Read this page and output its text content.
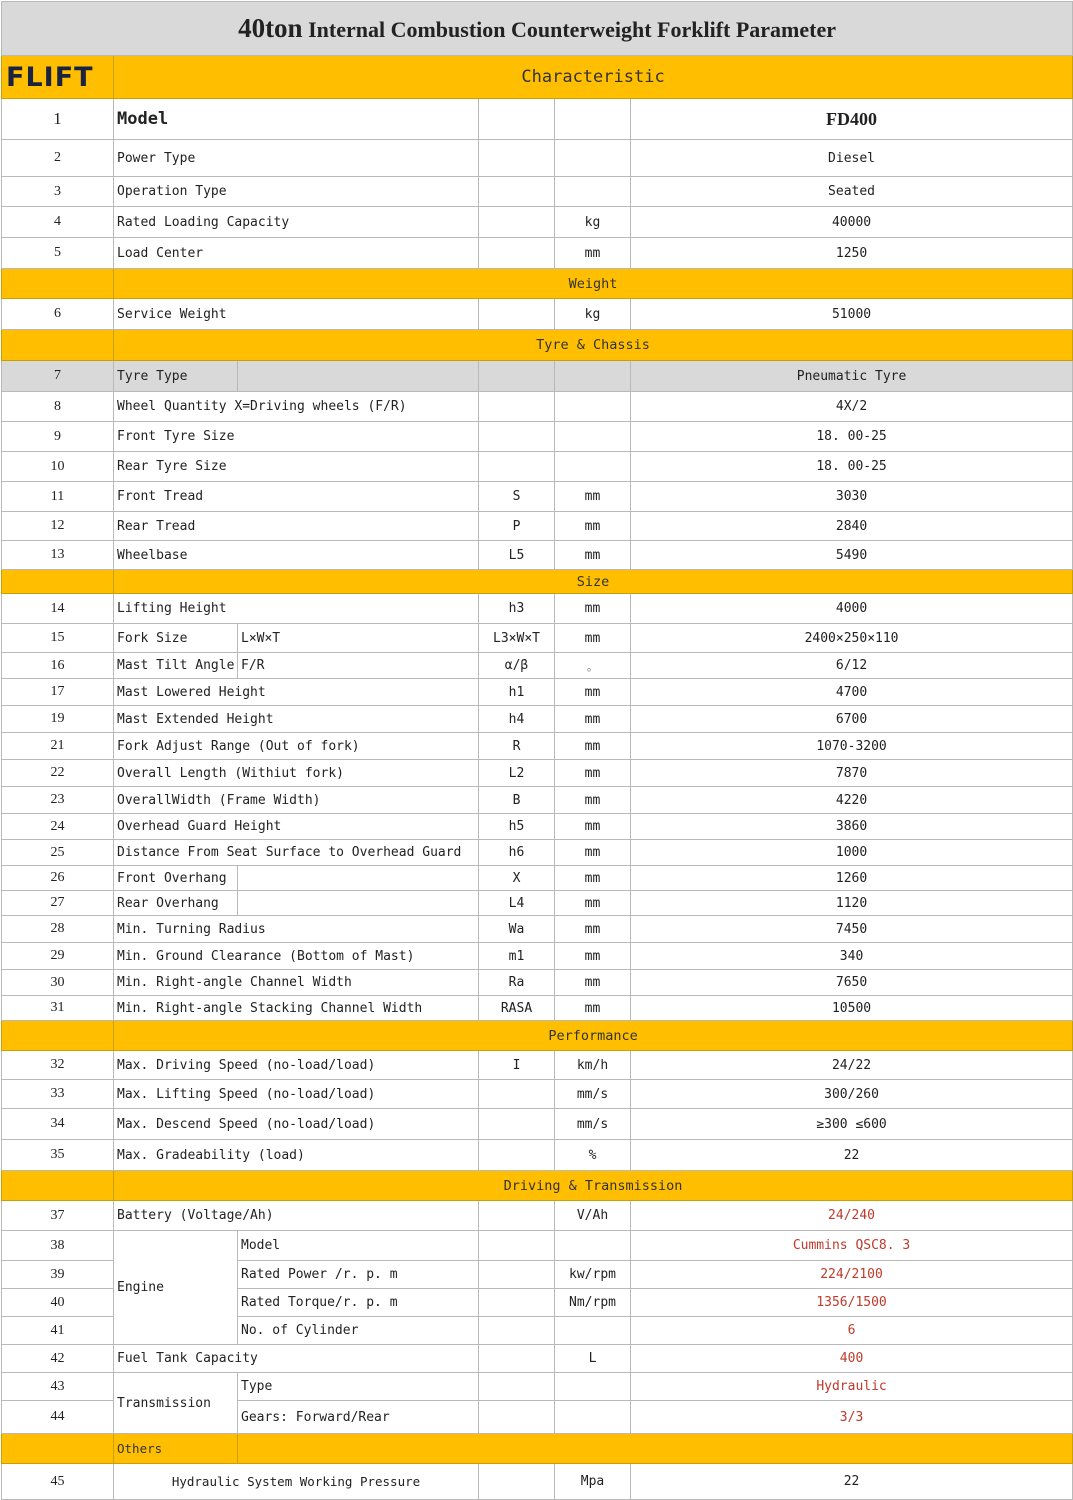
40ton Internal Combustion Counterweight Forklift Parameter					

FLIFT	Characteristic				
1	Model				FD400
2	Power Type				Diesel
3	Operation Type				Seated
4	Rated Loading Capacity			kg	40000
5	Load Center			mm	1250
	Weight				
6	Service Weight			kg	51000
	Tyre & Chassis				
7	Tyre Type				Pneumatic Tyre
8	Wheel Quantity X=Driving wheels (F/R)				4X/2
9	Front Tyre Size				18. 00-25
10	Rear Tyre Size				18. 00-25
11	Front Tread		S	mm	3030
12	Rear Tread		P	mm	2840
13	Wheelbase		L5	mm	5490
	Size				
14	Lifting Height		h3	mm	4000
15	Fork Size	L×W×T	L3×W×T	mm	2400×250×110
16	Mast Tilt Angle	F/R	α/β	。	6/12
17	Mast Lowered Height		h1	mm	4700
19	Mast Extended Height		h4	mm	6700
21	Fork Adjust Range (Out of fork)		R	mm	1070-3200
22	Overall Length (Withiut fork)		L2	mm	7870
23	OverallWidth (Frame Width)		B	mm	4220
24	Overhead Guard Height		h5	mm	3860
25	Distance From Seat Surface to Overhead Guard		h6	mm	1000
26	Front Overhang		X	mm	1260
27	Rear Overhang		L4	mm	1120
28	Min. Turning Radius		Wa	mm	7450
29	Min. Ground Clearance (Bottom of Mast)		m1	mm	340
30	Min. Right-angle Channel Width		Ra	mm	7650
31	Min. Right-angle Stacking Channel Width		RASA	mm	10500
	Performance				
32	Max. Driving Speed (no-load/load)		I	km/h	24/22
33	Max. Lifting Speed (no-load/load)			mm/s	300/260
34	Max. Descend Speed (no-load/load)			mm/s	≥300 ≤600
35	Max. Gradeability (load)			%	22
	Driving & Transmission				
37	Battery (Voltage/Ah)			V/Ah	24/240
38	Engine	Model			Cummins QSC8. 3
39		Rated Power /r. p. m		kw/rpm	224/2100
40		Rated Torque/r. p. m		Nm/rpm	1356/1500
41		No. of Cylinder			6
42	Fuel Tank Capacity			L	400
43	Transmission	Type			Hydraulic
44		Gears: Forward/Rear			3/3
	Others				
45	Hydraulic System Working Pressure			Mpa	22
